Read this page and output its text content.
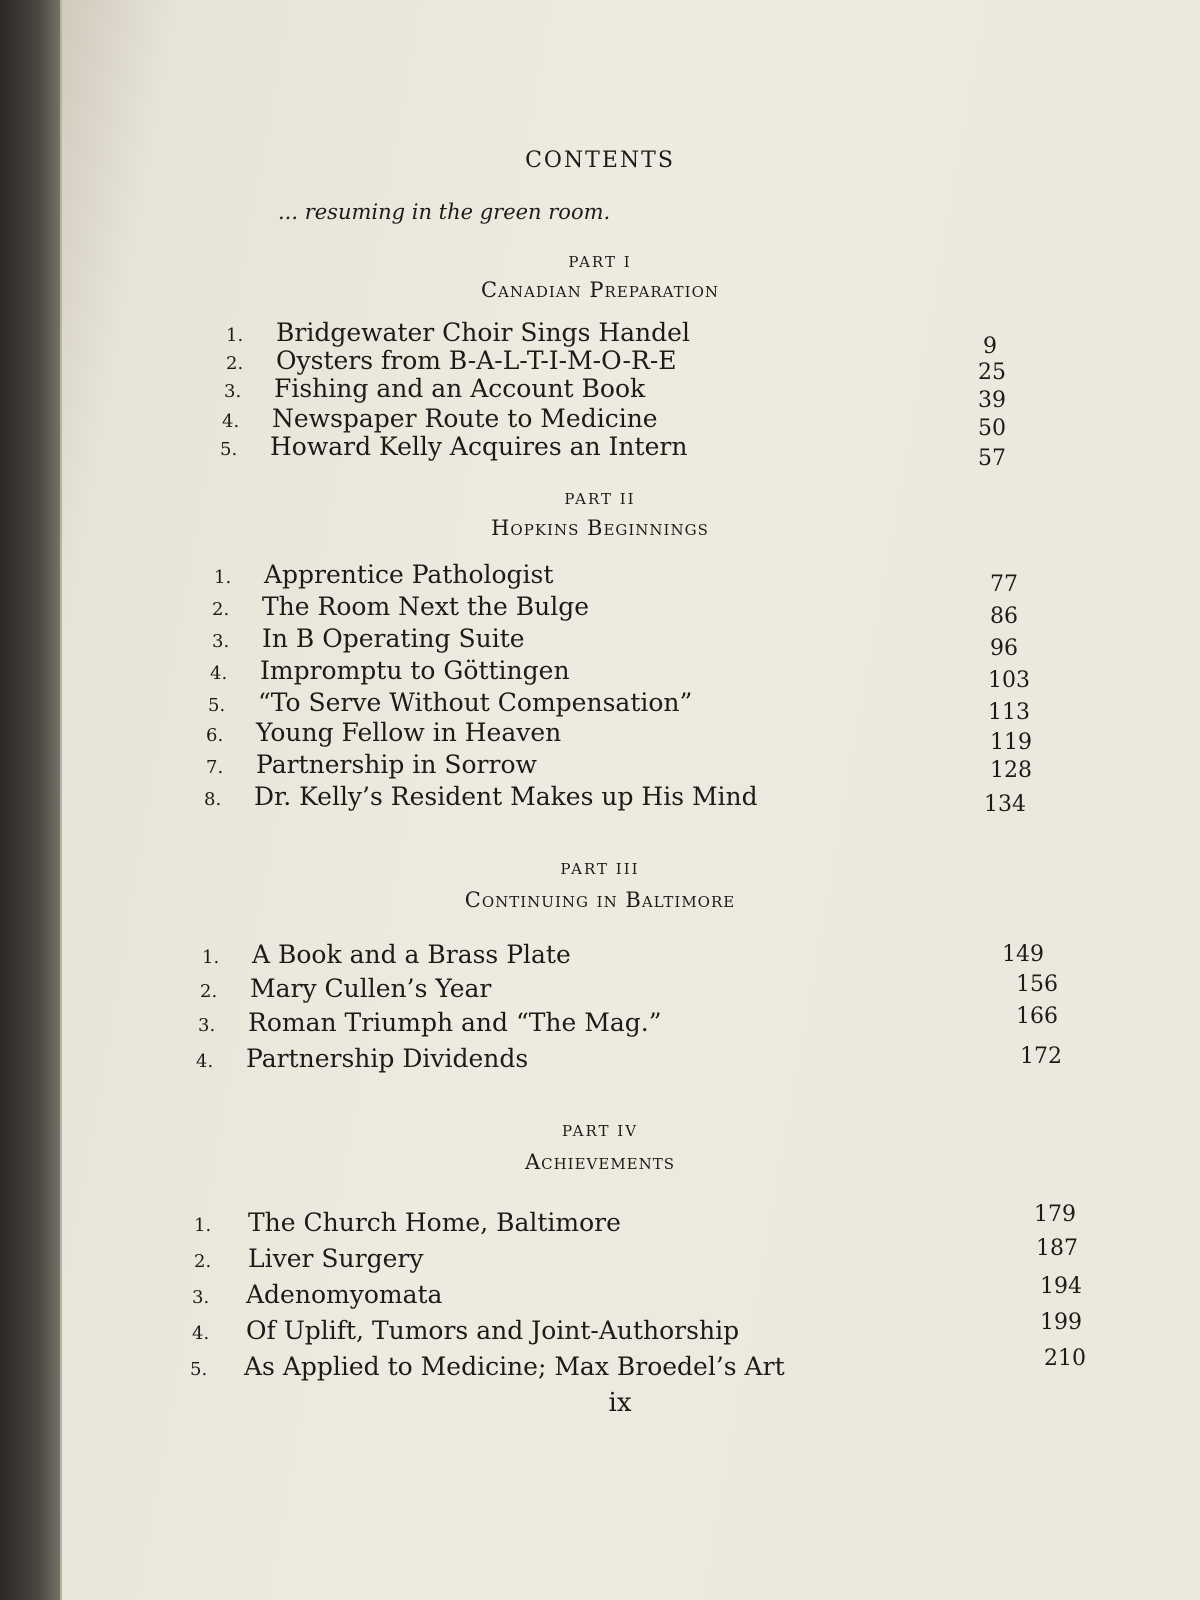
CONTENTS
... resuming in the green room.
PART I
Canadian Preparation
1.	Bridgewater Choir Sings Handel	9
2.	Oysters from B-A-L-T-I-M-O-R-E	25
3.	Fishing and an Account Book	39
4.	Newspaper Route to Medicine	50
5.	Howard Kelly Acquires an Intern	57
PART II
Hopkins Beginnings
1.	Apprentice Pathologist	77
2.	The Room Next the Bulge	86
3.	In B Operating Suite	96
4.	Impromptu to Göttingen	103
5.	“To Serve Without Compensation”	113
6.	Young Fellow in Heaven	119
7.	Partnership in Sorrow	128
8.	Dr. Kelly’s Resident Makes up His Mind	134
PART III
Continuing in Baltimore
1.	A Book and a Brass Plate	149
2.	Mary Cullen’s Year	156
3.	Roman Triumph and “The Mag.”	166
4.	Partnership Dividends	172
PART IV
Achievements
1.	The Church Home, Baltimore	179
2.	Liver Surgery	187
3.	Adenomyomata	194
4.	Of Uplift, Tumors and Joint-Authorship	199
5.	As Applied to Medicine; Max Broedel’s Art	210
ix
